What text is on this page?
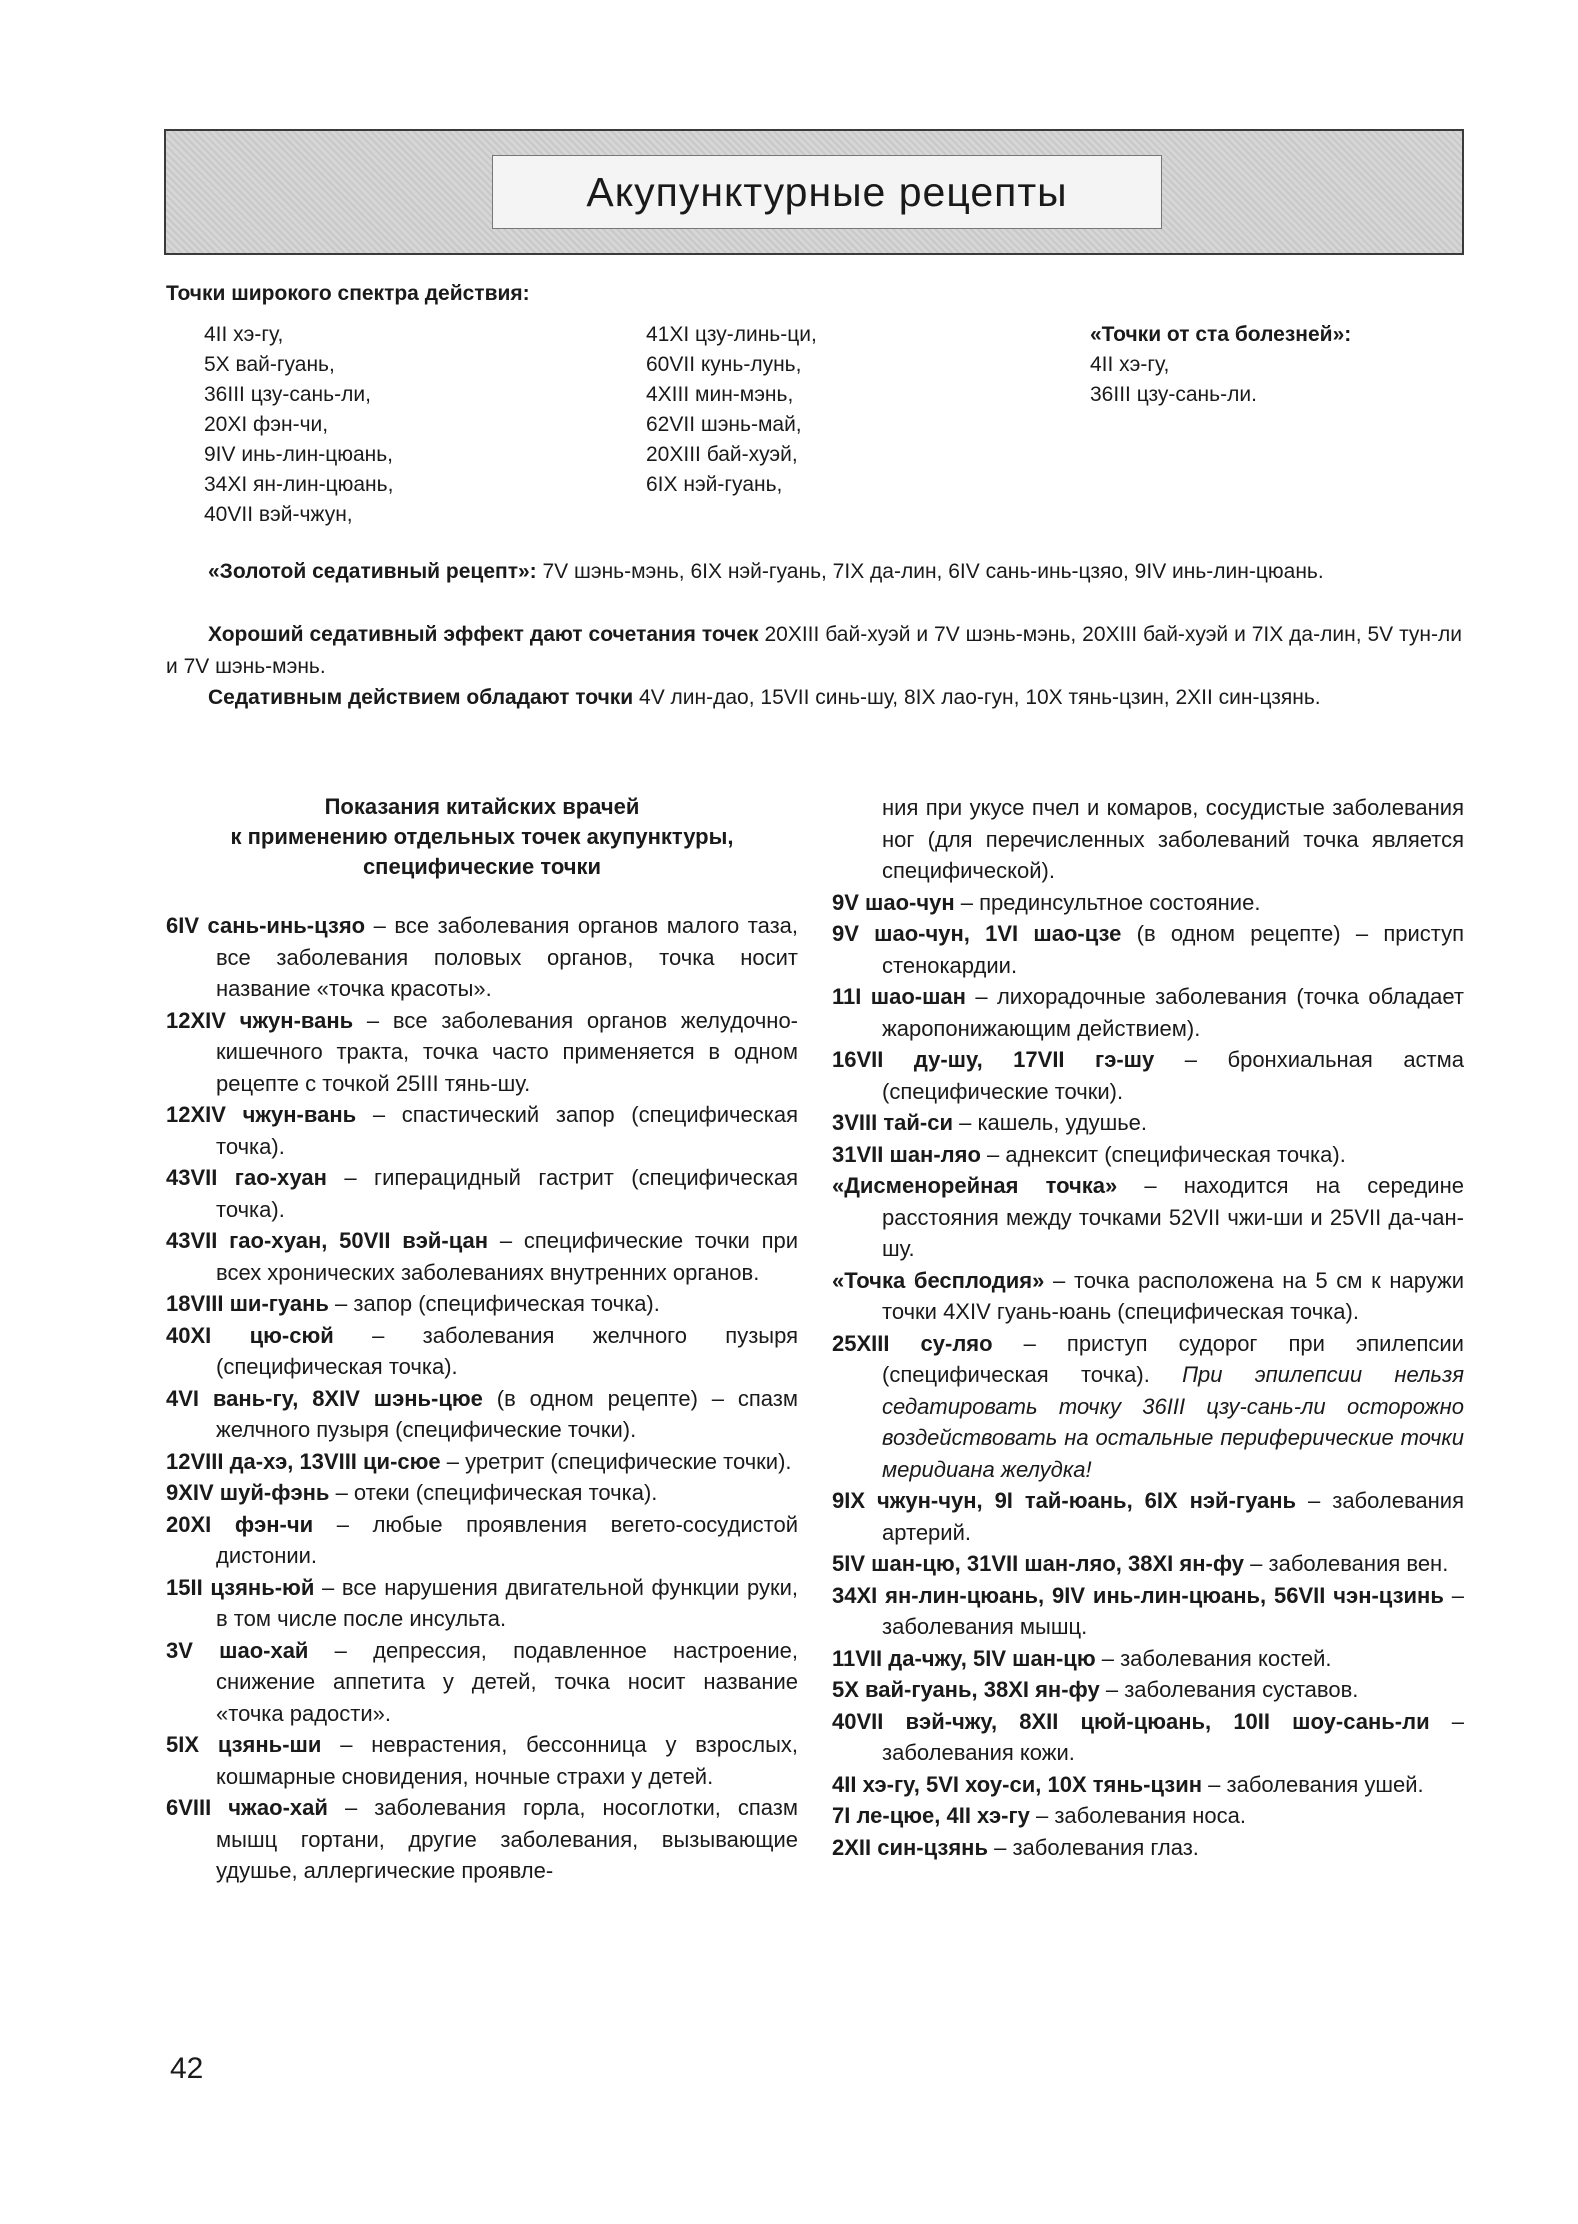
Акупунктурные рецепты
Точки широкого спектра действия:
4II хэ-гу,
5X вай-гуань,
36III цзу-сань-ли,
20XI фэн-чи,
9IV инь-лин-цюань,
34XI ян-лин-цюань,
40VII вэй-чжун,
41XI цзу-линь-ци,
60VII кунь-лунь,
4XIII мин-мэнь,
62VII шэнь-май,
20XIII бай-хуэй,
6IX нэй-гуань,
«Точки от ста болезней»:
4II хэ-гу,
36III цзу-сань-ли.
«Золотой седативный рецепт»: 7V шэнь-мэнь, 6IX нэй-гуань, 7IX да-лин, 6IV сань-инь-цзяо, 9IV инь-лин-цюань.
Хороший седативный эффект дают сочетания точек 20XIII бай-хуэй и 7V шэнь-мэнь, 20XIII бай-хуэй и 7IX да-лин, 5V тун-ли и 7V шэнь-мэнь.
Седативным действием обладают точки 4V лин-дао, 15VII синь-шу, 8IX лао-гун, 10X тянь-цзин, 2XII син-цзянь.
Показания китайских врачей
к применению отдельных точек акупунктуры,
специфические точки
6IV сань-инь-цзяо – все заболевания органов малого таза, все заболевания половых органов, точка носит название «точка красоты».
12XIV чжун-вань – все заболевания органов желудочно-кишечного тракта, точка часто применяется в одном рецепте с точкой 25III тянь-шу.
12XIV чжун-вань – спастический запор (специфическая точка).
43VII гао-хуан – гиперацидный гастрит (специфическая точка).
43VII гао-хуан, 50VII вэй-цан – специфические точки при всех хронических заболеваниях внутренних органов.
18VIII ши-гуань – запор (специфическая точка).
40XI цю-сюй – заболевания желчного пузыря (специфическая точка).
4VI вань-гу, 8XIV шэнь-цюе (в одном рецепте) – спазм желчного пузыря (специфические точки).
12VIII да-хэ, 13VIII ци-сюе – уретрит (специфические точки).
9XIV шуй-фэнь – отеки (специфическая точка).
20XI фэн-чи – любые проявления вегето-сосудистой дистонии.
15II цзянь-юй – все нарушения двигательной функции руки, в том числе после инсульта.
3V шао-хай – депрессия, подавленное настроение, снижение аппетита у детей, точка носит название «точка радости».
5IX цзянь-ши – неврастения, бессонница у взрослых, кошмарные сновидения, ночные страхи у детей.
6VIII чжао-хай – заболевания горла, носоглотки, спазм мышц гортани, другие заболевания, вызывающие удушье, аллергические проявле-
ния при укусе пчел и комаров, сосудистые заболевания ног (для перечисленных заболеваний точка является специфической).
9V шао-чун – прединсультное состояние.
9V шао-чун, 1VI шао-цзе (в одном рецепте) – приступ стенокардии.
11I шао-шан – лихорадочные заболевания (точка обладает жаропонижающим действием).
16VII ду-шу, 17VII гэ-шу – бронхиальная астма (специфические точки).
3VIII тай-си – кашель, удушье.
31VII шан-ляо – аднексит (специфическая точка).
«Дисменорейная точка» – находится на середине расстояния между точками 52VII чжи-ши и 25VII да-чан-шу.
«Точка бесплодия» – точка расположена на 5 см к наружи точки 4XIV гуань-юань (специфическая точка).
25XIII су-ляо – приступ судорог при эпилепсии (специфическая точка). При эпилепсии нельзя седатировать точку 36III цзу-сань-ли осторожно воздействовать на остальные периферические точки меридиана желудка!
9IX чжун-чун, 9I тай-юань, 6IX нэй-гуань – заболевания артерий.
5IV шан-цю, 31VII шан-ляо, 38XI ян-фу – заболевания вен.
34XI ян-лин-цюань, 9IV инь-лин-цюань, 56VII чэн-цзинь – заболевания мышц.
11VII да-чжу, 5IV шан-цю – заболевания костей.
5X вай-гуань, 38XI ян-фу – заболевания суставов.
40VII вэй-чжу, 8XII цюй-цюань, 10II шоу-сань-ли – заболевания кожи.
4II хэ-гу, 5VI хоу-си, 10X тянь-цзин – заболевания ушей.
7I ле-цюе, 4II хэ-гу – заболевания носа.
2XII син-цзянь – заболевания глаз.
42
